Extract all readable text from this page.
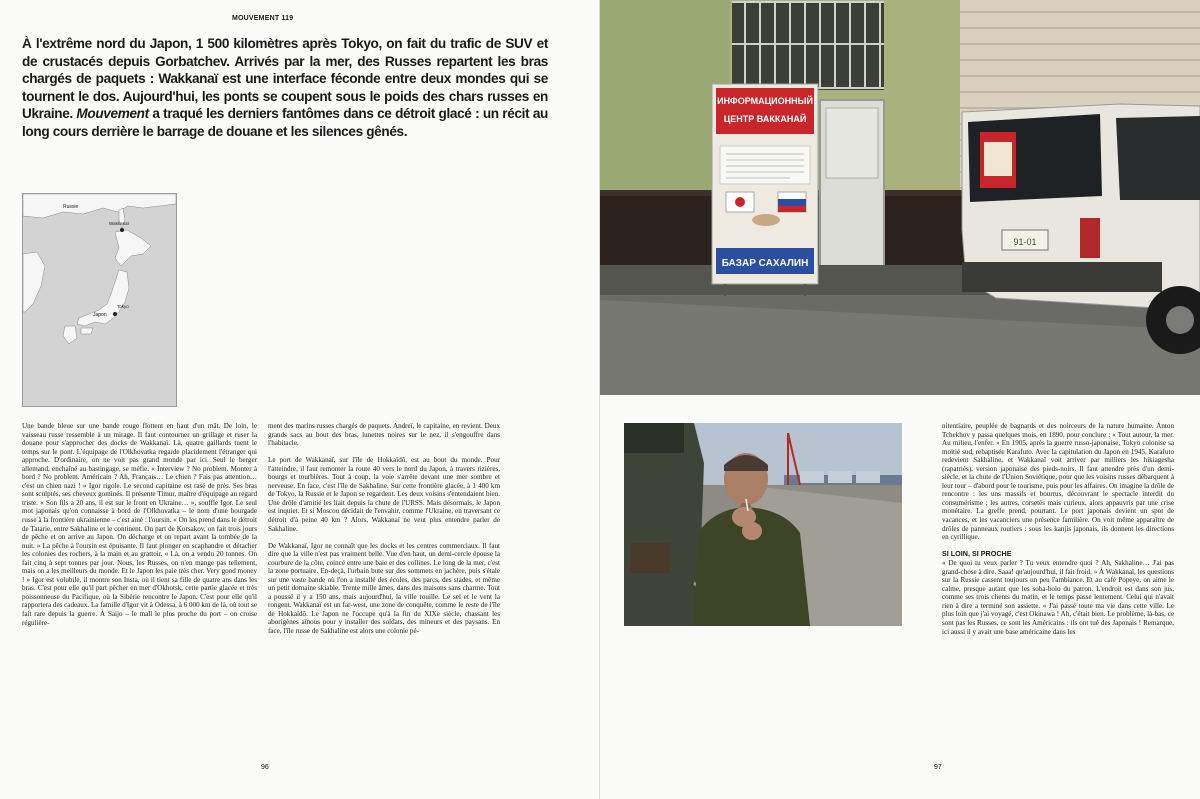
MOUVEMENT 119

À l'extrême nord du Japon, 1 500 kilomètres après Tokyo, on fait du trafic de SUV et de crustacés depuis Gorbatchev. Arrivés par la mer, des Russes repartent les bras chargés de paquets : Wakkanaï est une interface féconde entre deux mondes qui se tournent le dos. Aujourd'hui, les ponts se coupent sous le poids des chars russes en Ukraine. Mouvement a traqué les derniers fantômes dans ce détroit glacé : un récit au long cours derrière le barrage de douane et les silences gênés.

Russie
Wakkanaï
Tokyo
Japon

Une bande bleue sur une bande rouge flottent en haut d'un mât. De loin, le vaisseau russe ressemble à un mirage. Il faut contourner un grillage et ruser la douane pour s'approcher des docks de Wakkanaï. Là, quatre gaillards tuent le temps sur le pont. L'équipage de l'Olkhovatka regarde placidement l'étranger qui approche. D'ordinaire, on ne voit pas grand monde par ici. Seul le berger allemand, enchaîné au bastingage, se méfie. « Interview ? No problem. Monter à bord ? No problem. Américain ? Ah, Français… Le chien ? Fais pas attention… c'est un chien nazi ! » Igor rigole. Le second capitaine est rasé de près. Ses bras sont sculptés, ses cheveux gominés. Il présente Timur, maître d'équipage au regard triste. « Son fils a 20 ans, il est sur le front en Ukraine… », souffle Igor. Le seul mot japonais qu'on connaisse à bord de l'Olkhovatka – le nom d'une bourgade russe à la frontière ukrainienne – c'est ainè : l'oursin. « On les prend dans le détroit de Tatarie, entre Sakhaline et le continent. On part de Korsakov, on fait trois jours de pêche et on arrive au Japon. On décharge et on repart avant la tombée de la nuit. » La pêche à l'oursin est épuisante. Il faut plonger en scaphandre et détacher les colonies des rochers, à la main et au grattoir. « Là, on a vendu 20 tonnes. On fait cinq à sept tonnes par jour. Nous, les Russes, on n'en mange pas tellement, mais on a les meilleurs du monde. Et le Japon les paie très cher. Very good money ! » Igor est volubile, il montre son Insta, où il tient sa fille de quatre ans dans les bras. C'est pour elle qu'il part pêcher en mer d'Okhotsk, cette partie glacée et très poissonneuse du Pacifique, où la Sibérie rencontre le Japon. C'est pour elle qu'il rapportera des cadeaux. La famille d'Igor vit à Odessa, à 6 000 km de là, où tout se fait rare depuis la guerre. À Saijo – le mall le plus proche du port – on croise régulière-

ment des marins russes chargés de paquets. Andreï, le capitaine, en revient. Deux grands sacs au bout des bras, lunettes noires sur le nez, il s'engouffre dans l'habitacle.

Le port de Wakkanaï, sur l'île de Hokkaïdō, est au bout du monde. Pour l'atteindre, il faut remonter la route 40 vers le nord du Japon, à travers rizières, bourgs et tourbières. Tout à coup, la voie s'arrête devant une mer sombre et nerveuse. En face, c'est l'île de Sakhaline. Sur cette frontière glacée, à 1 400 km de Tokyo, la Russie et le Japon se regardent. Les deux voisins s'entendaient bien. Une drôle d'amitié les liait depuis la chute de l'URSS. Mais désormais, le Japon est inquiet. Et si Moscou décidait de l'envahir, comme l'Ukraine, en traversant ce détroit d'à peine 40 km ? Alors, Wakkanaï ne veut plus entendre parler de Sakhaline.

De Wakkanaï, Igor ne connaît que les docks et les centres commerciaux. Il faut dire que la ville n'est pas vraiment belle. Vue d'en haut, un demi-cercle épouse la courbure de la côte, coincé entre une baie et des collines. Le long de la mer, c'est la zone portuaire. En-deçà, l'urbain bute sur des sommets en jachère, puis s'étale sur une vaste bande où l'on a installé des écoles, des parcs, des stades, et même un petit domaine skiable. Trente mille âmes, dans des maisons sans charme. Tout a poussé il y a 150 ans, mais aujourd'hui, la ville rouille. Le sel et le vent la rongent. Wakkanaï est un far-west, une zone de conquête, comme le reste de l'île de Hokkaïdō. Le Japon ne l'occupe qu'à la fin du XIXe siècle, chassant les aborigènes aïnous pour y installer des soldats, des mineurs et des paysans. En face, l'île russe de Sakhaline est alors une colonie pé-

96
ИНФОРМАЦИОННЫЙ
ЦЕНТР ВАККАНАЙ
БАЗАР САХАЛИН
91-01

nitentiaire, peuplée de bagnards et des noirceurs de la nature humaine. Anton Tchekhov y passa quelques mois, en 1890, pour conclure : « Tout autour, la mer. Au milieu, l'enfer. » En 1905, après la guerre russo-japonaise, Tokyo colonise sa moitié sud, rebaptisée Karafuto. Avec la capitulation du Japon en 1945, Karafuto redevient Sakhaline, et Wakkanaï voit arriver par milliers les hikiagesha (rapatriés), version japonaise des pieds-noirs. Il faut attendre près d'un demi-siècle, et la chute de l'Union Soviétique, pour que les voisins russes débarquent à leur tour – d'abord pour le tourisme, puis pour les affaires. On imagine la drôle de rencontre : les uns massifs et bourrus, découvrant le spectacle interdit du consumérisme ; les autres, corsetés mais curieux, alors appauvris par une crise monétaire. La greffe prend, pourtant. Le port japonais devient un spot de vacances, et les vacanciers une présence familière. On voit même apparaître de drôles de panneaux routiers : sous les kanjis japonais, ils donnent les directions en cyrillique.

SI LOIN, SI PROCHE

« De quoi tu veux parler ? Tu veux entendre quoi ? Ah, Sakhaline… J'ai pas grand-chose à dire. Saaa! qu'aujourd'hui, il fait froid. » À Wakkanaï, les questions sur la Russie cassent toujours un peu l'ambiance. Et au café Popeye, on aime le calme, presque autant que les soba-bolo du patron. L'endroit est dans son jus, comme ses trois clients du matin, et le temps passe lentement. Celui qui n'avait rien à dire a terminé son assiette. « J'ai passé toute ma vie dans cette ville. Le plus loin que j'ai voyagé, c'est Okinawa ! Ah, c'était bien. Le problème, là-bas, ce sont pas les Russes, ce sont les Américains : ils ont tué des Japonais ! Remarque, ici aussi il y avait une base américaine dans les

97
